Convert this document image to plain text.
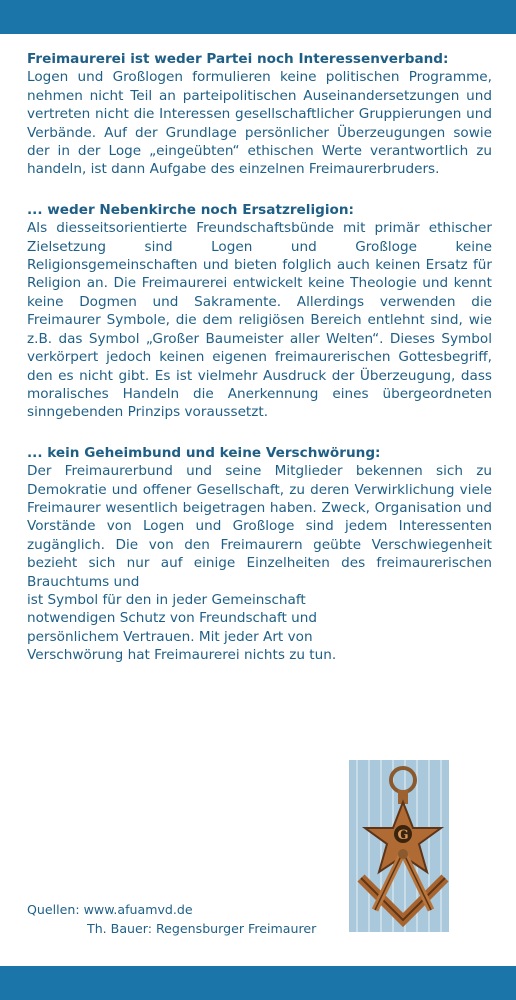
Freimaurerei ist weder Partei noch Interessenverband:

Logen und Großlogen formulieren keine politischen Programme, nehmen nicht Teil an parteipolitischen Auseinandersetzungen und vertreten nicht die Interessen gesellschaftlicher Gruppierungen und Verbände. Auf der Grundlage persönlicher Überzeugungen sowie der in der Loge „eingeübten“ ethischen Werte verantwortlich zu handeln, ist dann Aufgabe des einzelnen Freimaurerbruders.

... weder Nebenkirche noch Ersatzreligion:

Als diesseitsorientierte Freundschaftsbünde mit primär ethischer Zielsetzung sind Logen und Großloge keine Religionsgemeinschaften und bieten folglich auch keinen Ersatz für Religion an. Die Freimaurerei entwickelt keine Theologie und kennt keine Dogmen und Sakramente. Allerdings verwenden die Freimaurer Symbole, die dem religiösen Bereich entlehnt sind, wie z.B. das Symbol „Großer Baumeister aller Welten“. Dieses Symbol verkörpert jedoch keinen eigenen freimaurerischen Gottesbegriff, den es nicht gibt. Es ist vielmehr Ausdruck der Überzeugung, dass moralisches Handeln die Anerkennung eines übergeordneten sinngebenden Prinzips voraussetzt.

... kein Geheimbund und keine Verschwörung:

Der Freimaurerbund und seine Mitglieder bekennen sich zu Demokratie und offener Gesellschaft, zu deren Verwirklichung viele Freimaurer wesentlich beigetragen haben. Zweck, Organisation und Vorstände von Logen und Großloge sind jedem Interessenten zugänglich. Die von den Freimaurern geübte Verschwiegenheit bezieht sich nur auf einige Einzelheiten des freimaurerischen Brauchtums und

ist Symbol für den in jeder Gemeinschaft notwendigen Schutz von Freundschaft und persönlichem Vertrauen. Mit jeder Art von Verschwörung hat Freimaurerei nichts zu tun.

G
Quellen: www.afuamvd.de
Th. Bauer: Regensburger Freimaurer
